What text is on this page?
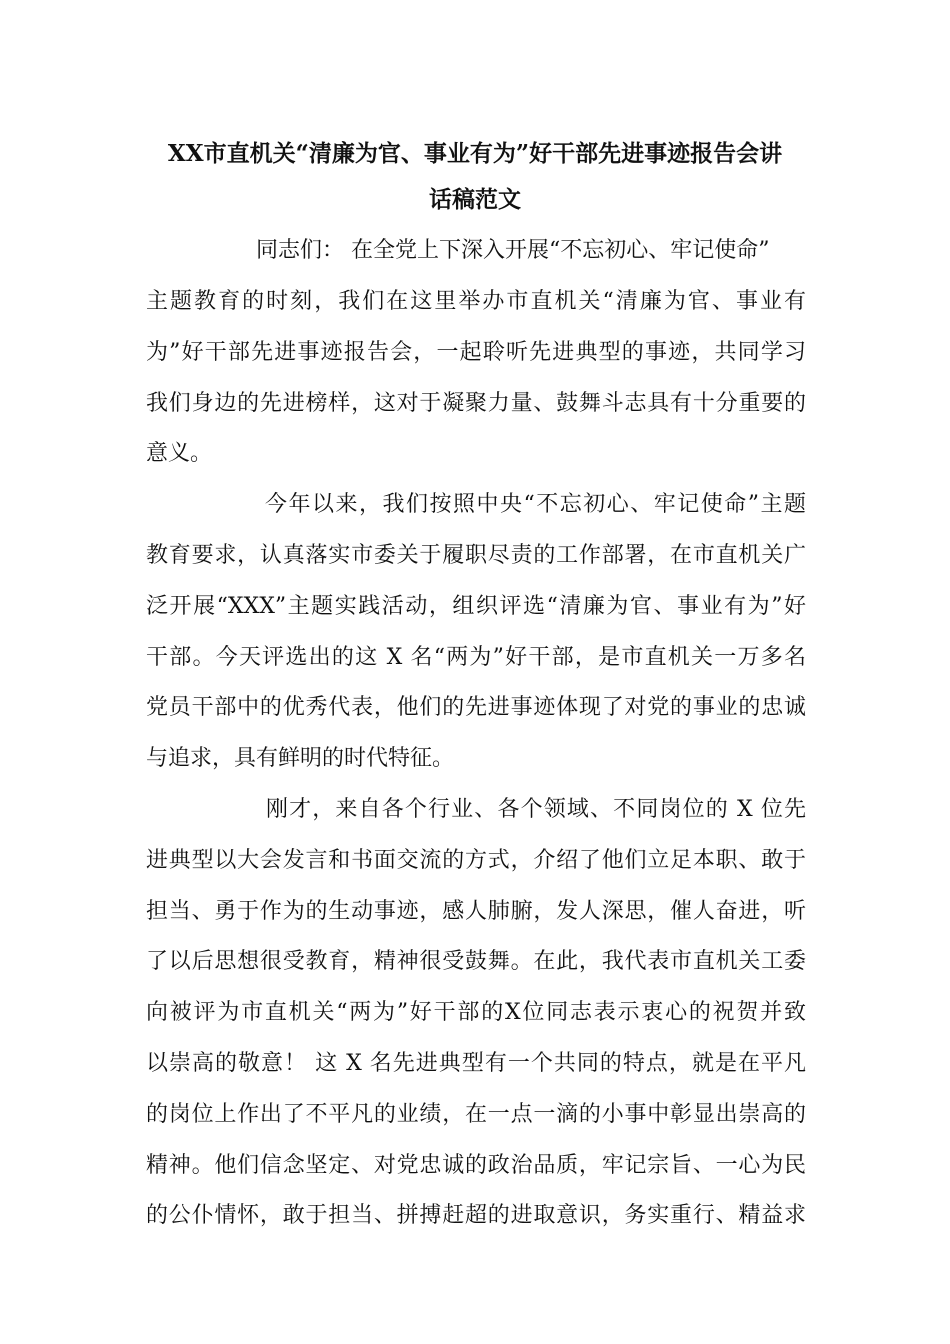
XX市直机关“清廉为官、事业有为”好干部先进事迹报告会讲
话稿范文
同志们： 在全党上下深入开展“不忘初心、牢记使命”
主题教育的时刻，我们在这里举办市直机关“清廉为官、事业有
为”好干部先进事迹报告会，一起聆听先进典型的事迹，共同学习
我们身边的先进榜样，这对于凝聚力量、鼓舞斗志具有十分重要的
意义。
今年以来，我们按照中央“不忘初心、牢记使命”主题
教育要求，认真落实市委关于履职尽责的工作部署，在市直机关广
泛开展“XXX”主题实践活动，组织评选“清廉为官、事业有为”好
干部。今天评选出的这 X 名“两为”好干部，是市直机关一万多名
党员干部中的优秀代表，他们的先进事迹体现了对党的事业的忠诚
与追求，具有鲜明的时代特征。
刚才，来自各个行业、各个领域、不同岗位的 X 位先
进典型以大会发言和书面交流的方式，介绍了他们立足本职、敢于
担当、勇于作为的生动事迹，感人肺腑，发人深思，催人奋进，听
了以后思想很受教育，精神很受鼓舞。在此，我代表市直机关工委
向被评为市直机关“两为”好干部的X位同志表示衷心的祝贺并致
以崇高的敬意！ 这 X 名先进典型有一个共同的特点，就是在平凡
的岗位上作出了不平凡的业绩，在一点一滴的小事中彰显出崇高的
精神。他们信念坚定、对党忠诚的政治品质，牢记宗旨、一心为民
的公仆情怀，敢于担当、拼搏赶超的进取意识，务实重行、精益求
